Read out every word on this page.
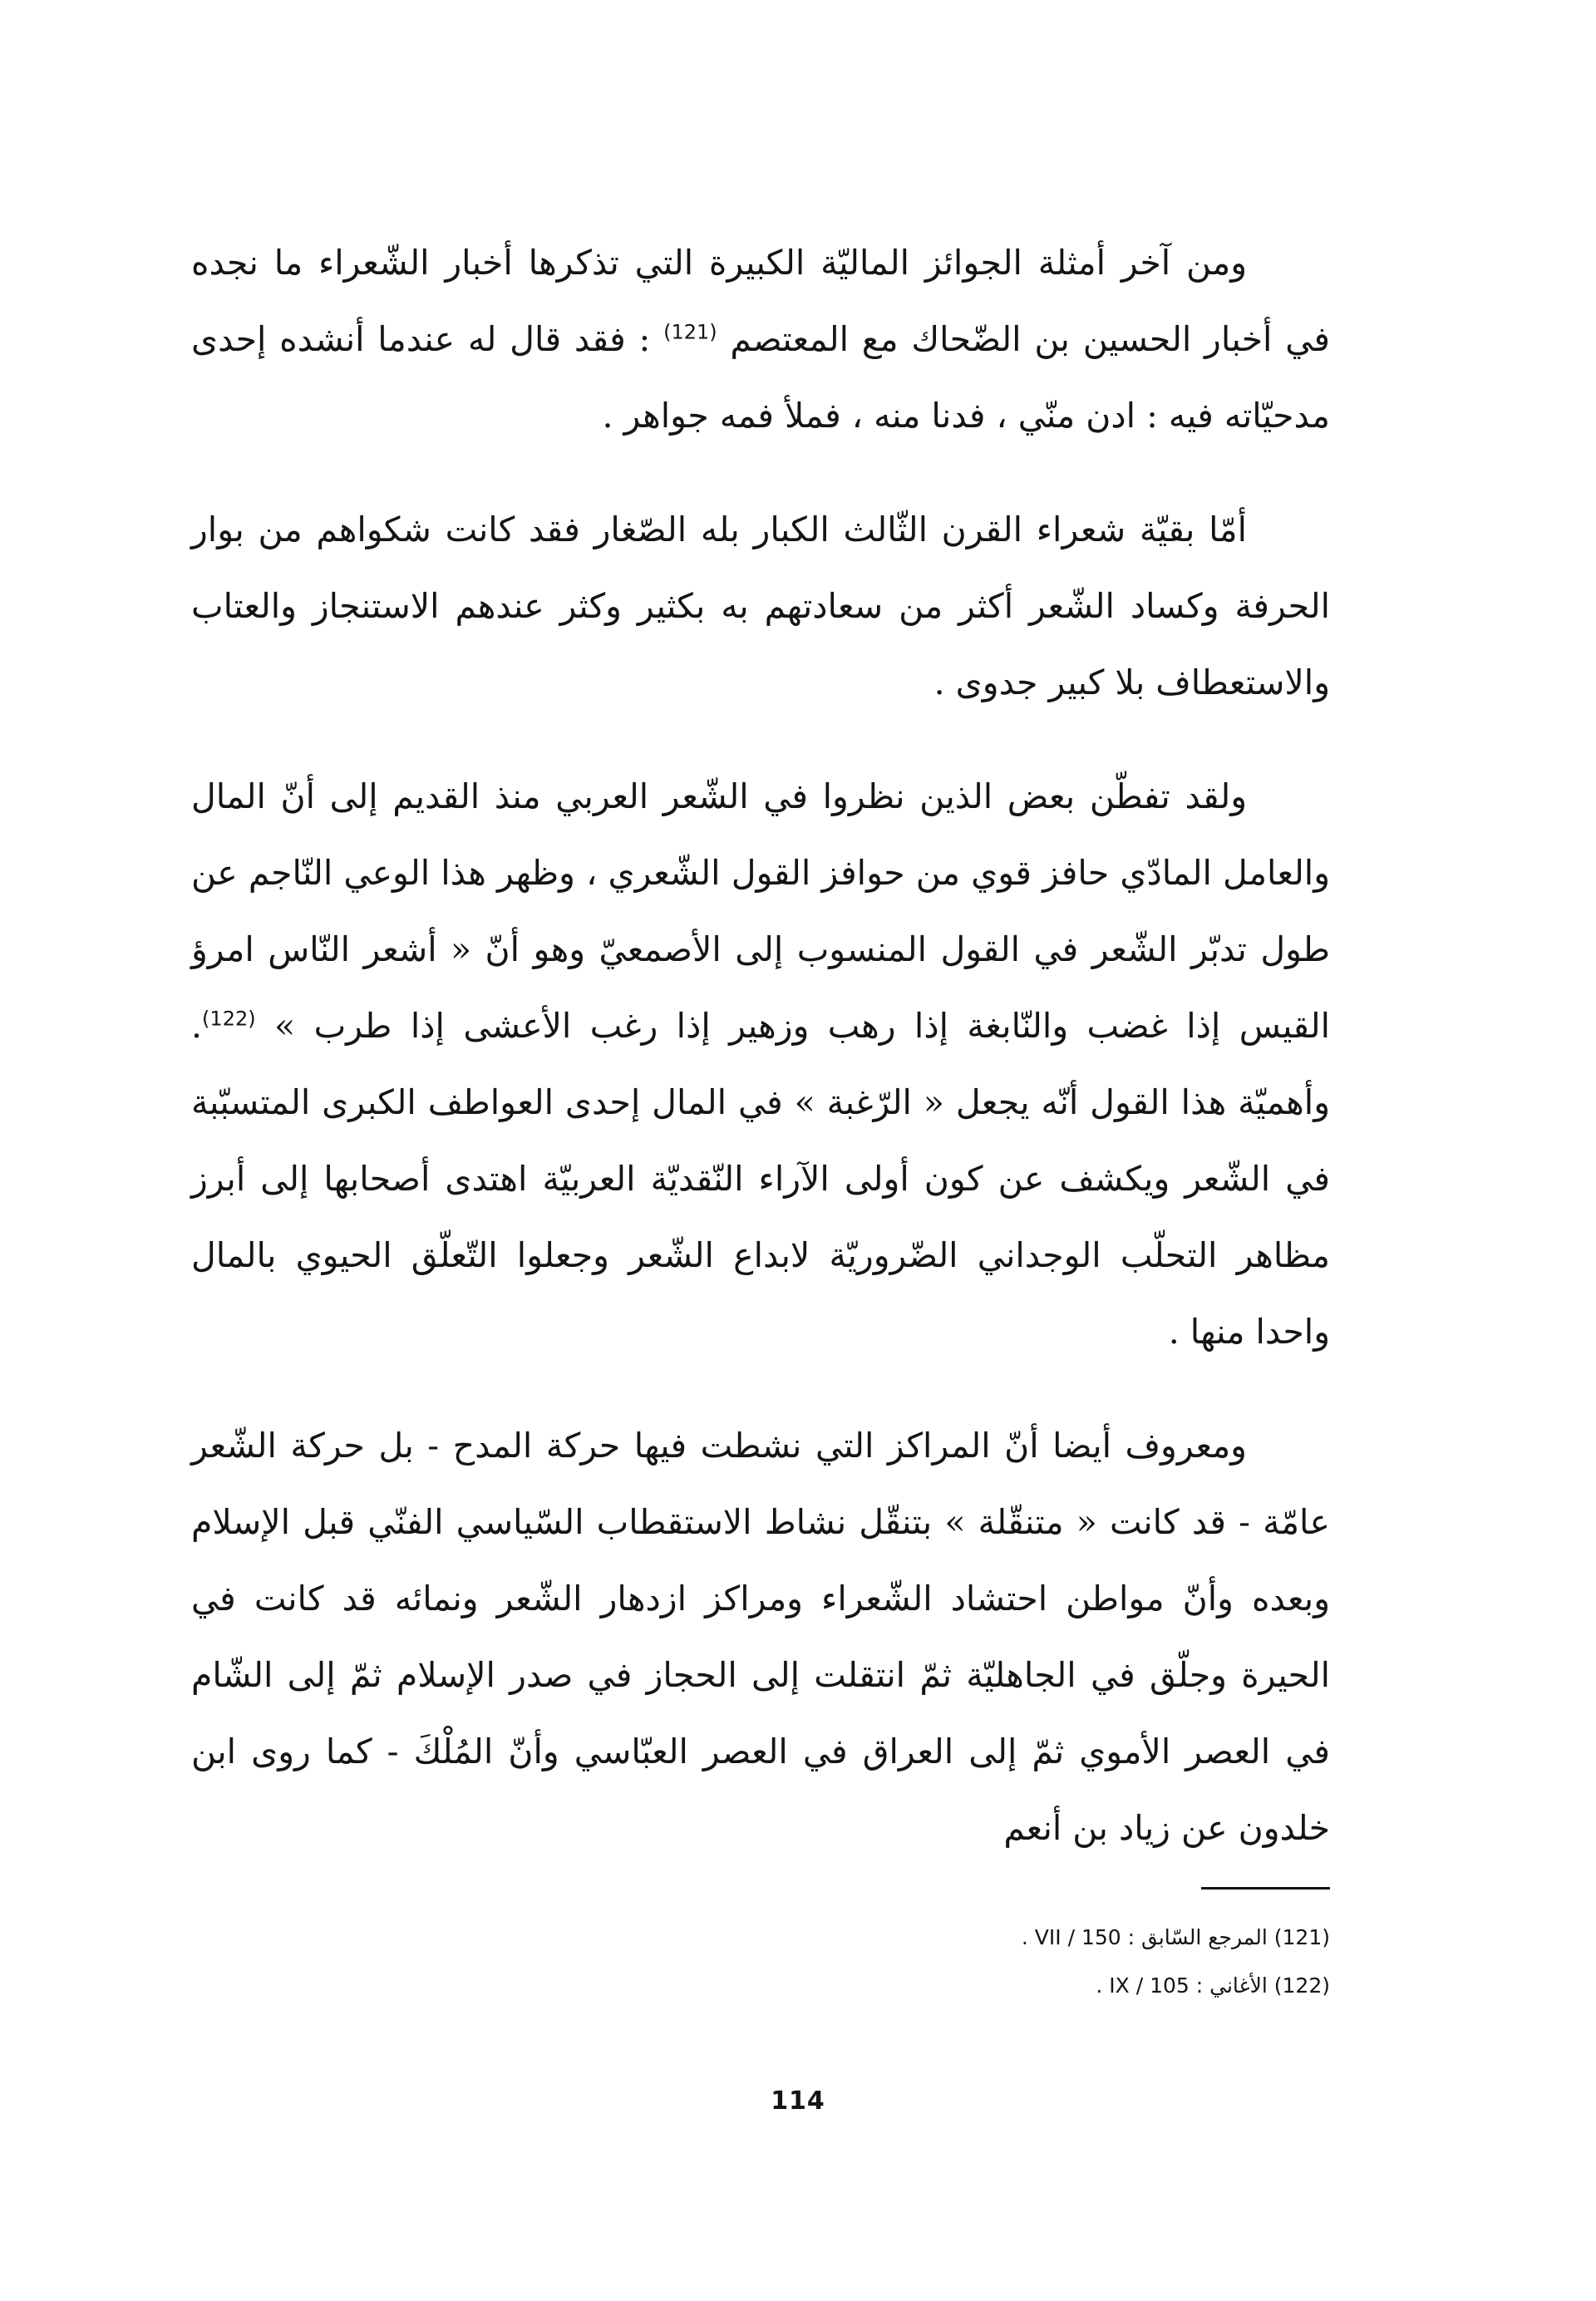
ومن آخر أمثلة الجوائز الماليّة الكبيرة التي تذكرها أخبار الشّعراء ما نجده في أخبار الحسين بن الضّحاك مع المعتصم $^{(121)}$ : فقد قال له عندما أنشده إحدى مدحيّاته فيه : ادن منّي ، فدنا منه ، فملأ فمه جواهر .

أمّا بقيّة شعراء القرن الثّالث الكبار بله الصّغار فقد كانت شكواهم من بوار الحرفة وكساد الشّعر أكثر من سعادتهم به بكثير وكثر عندهم الاستنجاز والعتاب والاستعطاف بلا كبير جدوى .

ولقد تفطّن بعض الذين نظروا في الشّعر العربي منذ القديم إلى أنّ المال والعامل المادّي حافز قوي من حوافز القول الشّعري ، وظهر هذا الوعي النّاجم عن طول تدبّر الشّعر في القول المنسوب إلى الأصمعيّ وهو أنّ « أشعر النّاس امرؤ القيس إذا غضب والنّابغة إذا رهب وزهير إذا رغب الأعشى إذا طرب » $^{(122)}$. وأهميّة هذا القول أنّه يجعل « الرّغبة » في المال إحدى العواطف الكبرى المتسبّبة في الشّعر ويكشف عن كون أولى الآراء النّقديّة العربيّة اهتدى أصحابها إلى أبرز مظاهر التحلّب الوجداني الضّروريّة لابداع الشّعر وجعلوا التّعلّق الحيوي بالمال واحدا منها .

ومعروف أيضا أنّ المراكز التي نشطت فيها حركة المدح - بل حركة الشّعر عامّة - قد كانت « متنقّلة » بتنقّل نشاط الاستقطاب السّياسي الفنّي قبل الإسلام وبعده وأنّ مواطن احتشاد الشّعراء ومراكز ازدهار الشّعر ونمائه قد كانت في الحيرة وجلّق في الجاهليّة ثمّ انتقلت إلى الحجاز في صدر الإسلام ثمّ إلى الشّام في العصر الأموي ثمّ إلى العراق في العصر العبّاسي وأنّ المُلْكَ - كما روى ابن خلدون عن زياد بن أنعم

(121) المرجع السّابق : VII / 150 .

(122) الأغاني : IX / 105 .

114
